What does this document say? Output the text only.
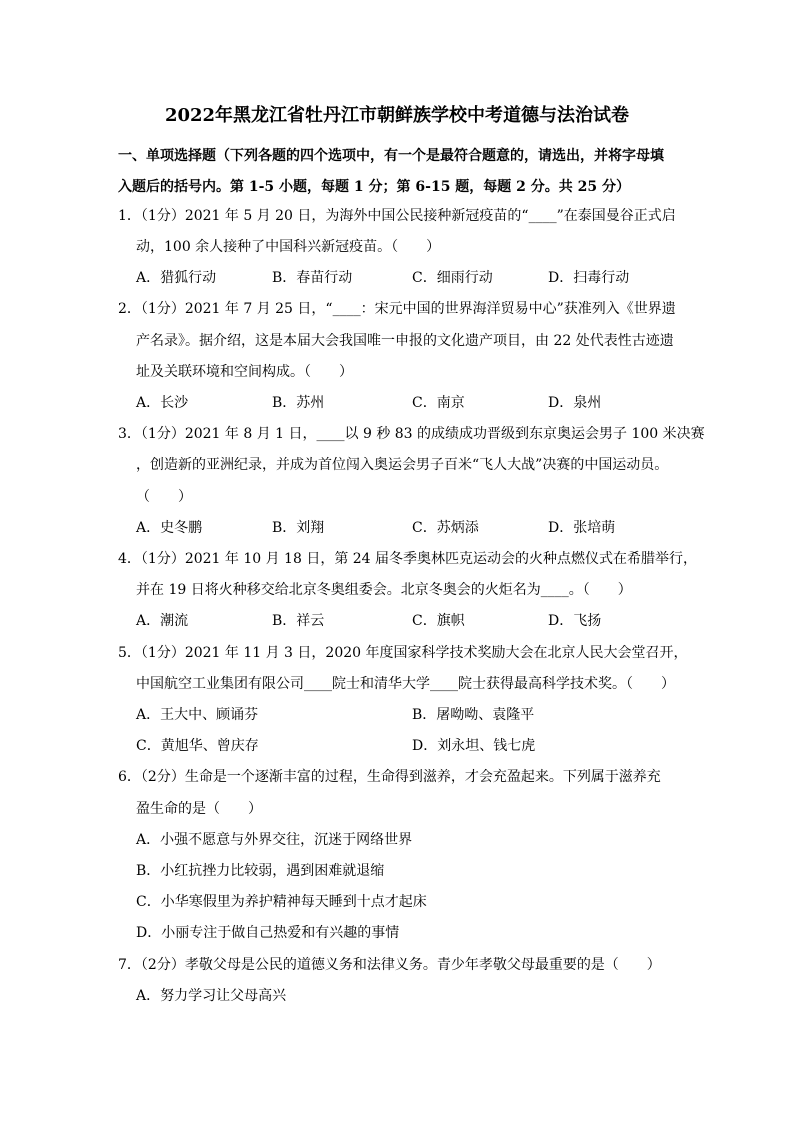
2022年黑龙江省牡丹江市朝鲜族学校中考道德与法治试卷
一、单项选择题（下列各题的四个选项中，有一个是最符合题意的，请选出，并将字母填
入题后的括号内。第 1-5 小题，每题 1 分；第 6-15 题，每题 2 分。共 25 分）
1．（1分）2021 年 5 月 20 日，为海外中国公民接种新冠疫苗的“____”在泰国曼谷正式启
动，100 余人接种了中国科兴新冠疫苗。（　　）
A．猎狐行动	B．春苗行动	C．细雨行动	D．扫毒行动
2．（1分）2021 年 7 月 25 日，“____：宋元中国的世界海洋贸易中心”获准列入《世界遗
产名录》。据介绍，这是本届大会我国唯一申报的文化遗产项目，由 22 处代表性古迹遗
址及关联环境和空间构成。（　　）
A．长沙	B．苏州	C．南京	D．泉州
3．（1分）2021 年 8 月 1 日，____以 9 秒 83 的成绩成功晋级到东京奥运会男子 100 米决赛
，创造新的亚洲纪录，并成为首位闯入奥运会男子百米“飞人大战”决赛的中国运动员。
（　　）
A．史冬鹏	B．刘翔	C．苏炳添	D．张培萌
4．（1分）2021 年 10 月 18 日，第 24 届冬季奥林匹克运动会的火种点燃仪式在希腊举行，
并在 19 日将火种移交给北京冬奥组委会。北京冬奥会的火炬名为____。（　　）
A．潮流	B．祥云	C．旗帜	D．飞扬
5．（1分）2021 年 11 月 3 日，2020 年度国家科学技术奖励大会在北京人民大会堂召开，
中国航空工业集团有限公司____院士和清华大学____院士获得最高科学技术奖。（　　）
A．王大中、顾诵芬	B．屠呦呦、袁隆平
C．黄旭华、曾庆存	D．刘永坦、钱七虎
6．（2分）生命是一个逐渐丰富的过程，生命得到滋养，才会充盈起来。下列属于滋养充
盈生命的是（　　）
A．小强不愿意与外界交往，沉迷于网络世界
B．小红抗挫力比较弱，遇到困难就退缩
C．小华寒假里为养护精神每天睡到十点才起床
D．小丽专注于做自己热爱和有兴趣的事情
7．（2分）孝敬父母是公民的道德义务和法律义务。青少年孝敬父母最重要的是（　　）
A．努力学习让父母高兴
